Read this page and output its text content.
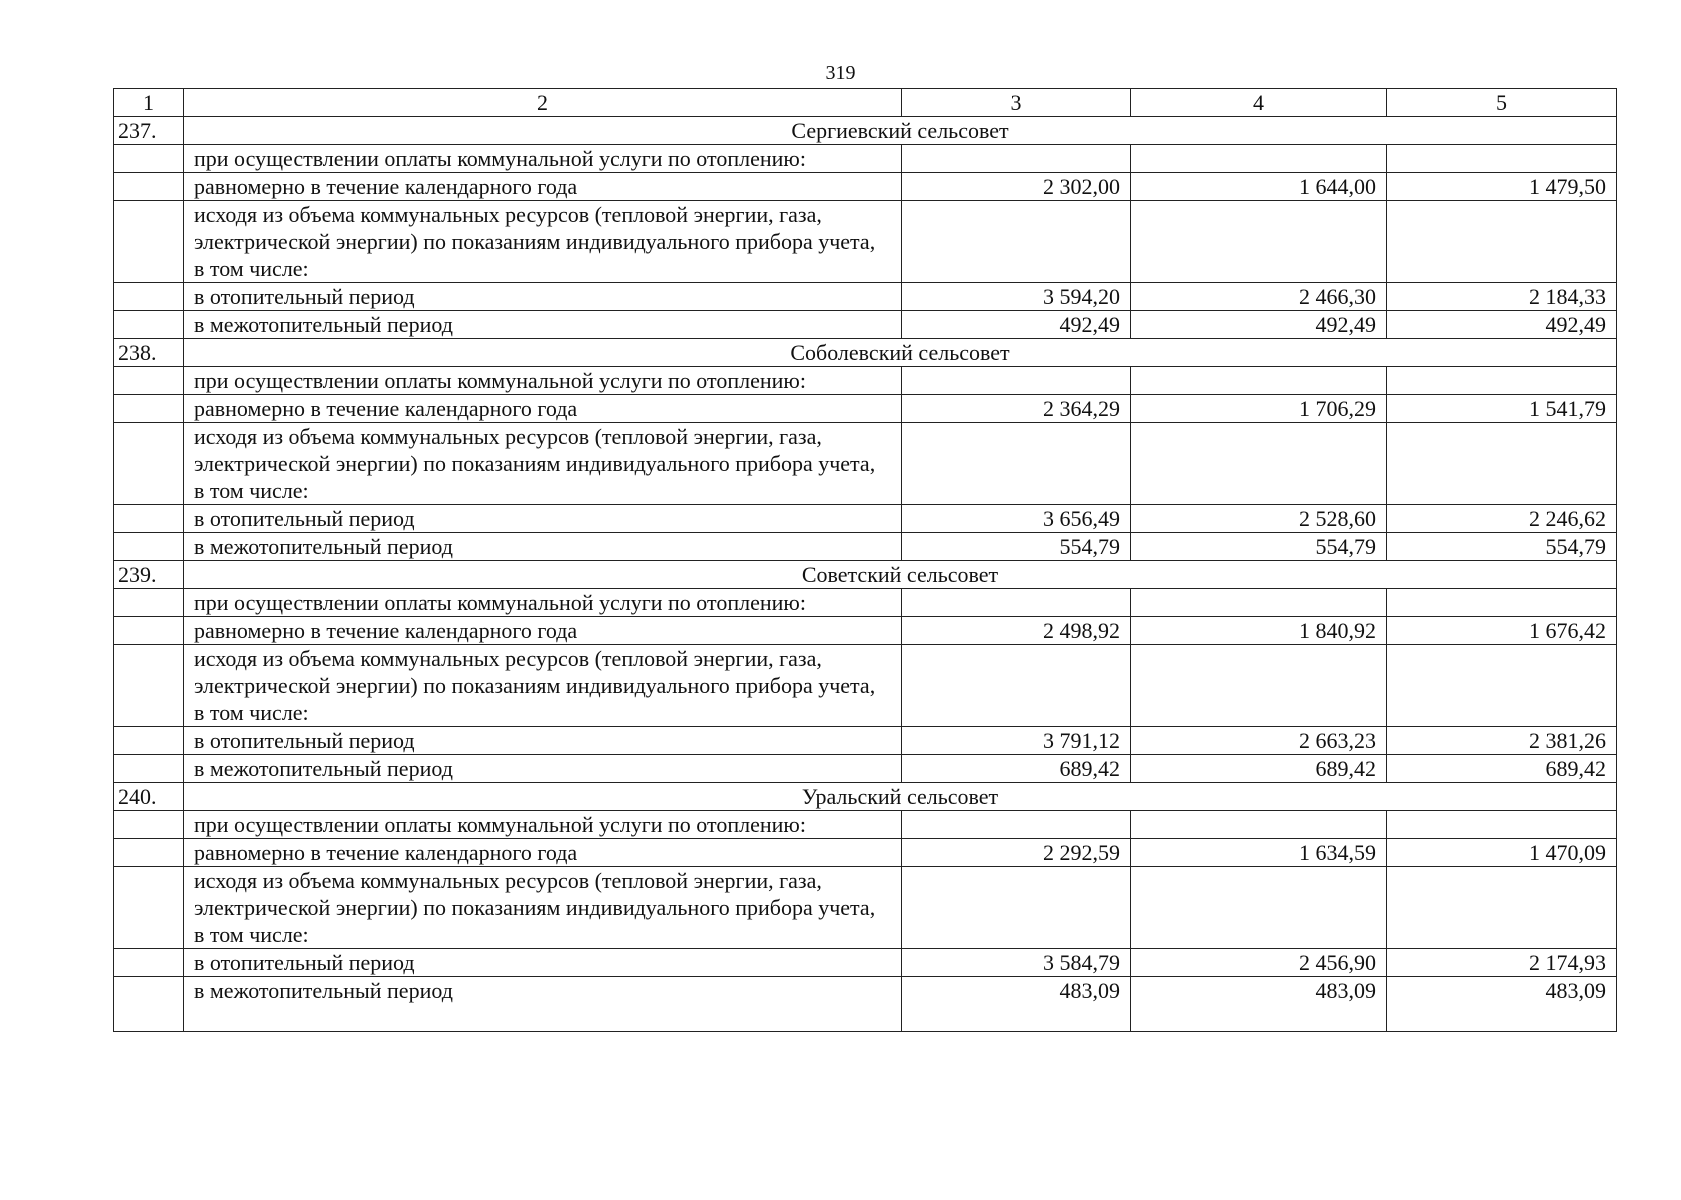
319
1	2	3	4	5
237.	Сергиевский сельсовет			
	при осуществлении оплаты коммунальной услуги по отоплению:			
	равномерно в течение календарного года	2 302,00	1 644,00	1 479,50
	исходя из объема коммунальных ресурсов (тепловой энергии, газа, электрической энергии) по показаниям индивидуального прибора учета, в том числе:			
	в отопительный период	3 594,20	2 466,30	2 184,33
	в межотопительный период	492,49	492,49	492,49
238.	Соболевский сельсовет			
	при осуществлении оплаты коммунальной услуги по отоплению:			
	равномерно в течение календарного года	2 364,29	1 706,29	1 541,79
	исходя из объема коммунальных ресурсов (тепловой энергии, газа, электрической энергии) по показаниям индивидуального прибора учета, в том числе:			
	в отопительный период	3 656,49	2 528,60	2 246,62
	в межотопительный период	554,79	554,79	554,79
239.	Советский сельсовет			
	при осуществлении оплаты коммунальной услуги по отоплению:			
	равномерно в течение календарного года	2 498,92	1 840,92	1 676,42
	исходя из объема коммунальных ресурсов (тепловой энергии, газа, электрической энергии) по показаниям индивидуального прибора учета, в том числе:			
	в отопительный период	3 791,12	2 663,23	2 381,26
	в межотопительный период	689,42	689,42	689,42
240.	Уральский сельсовет			
	при осуществлении оплаты коммунальной услуги по отоплению:			
	равномерно в течение календарного года	2 292,59	1 634,59	1 470,09
	исходя из объема коммунальных ресурсов (тепловой энергии, газа, электрической энергии) по показаниям индивидуального прибора учета, в том числе:			
	в отопительный период	3 584,79	2 456,90	2 174,93
	в межотопительный период	483,09	483,09	483,09
